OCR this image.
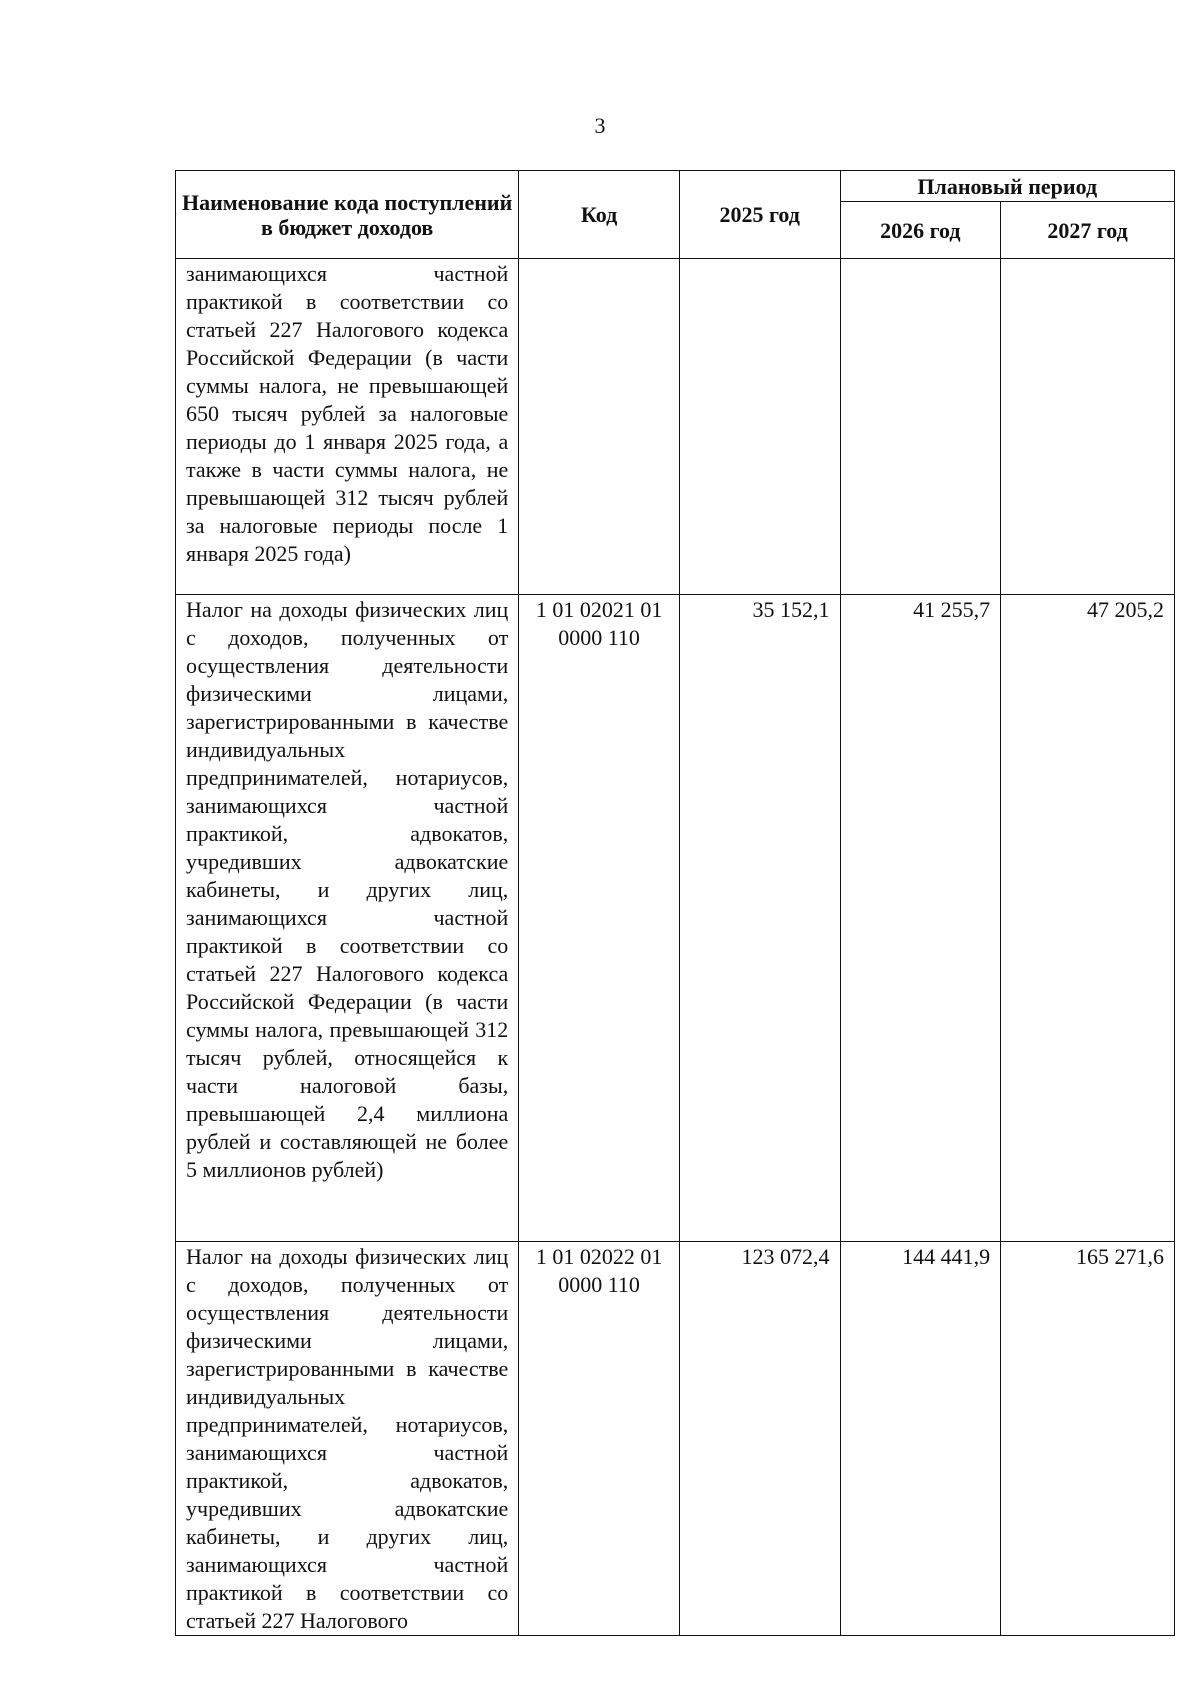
3
Наименование кода поступлений в бюджет доходов	Код	2025 год	Плановый период	
			2026 год	2027 год
занимающихся частной практикой в соответствии со статьей 227 Налогового кодекса Российской Федерации (в части суммы налога, не превышающей 650 тысяч рублей за налоговые периоды до 1 января 2025 года, а также в части суммы налога, не превышающей 312 тысяч рублей за налоговые периоды после 1 января 2025 года)				
Налог на доходы физических лиц с доходов, полученных от осуществления деятельности физическими лицами, зарегистрированными в качестве индивидуальных предпринимателей, нотариусов, занимающихся частной практикой, адвокатов, учредивших адвокатские кабинеты, и других лиц, занимающихся частной практикой в соответствии со статьей 227 Налогового кодекса Российской Федерации (в части суммы налога, превышающей 312 тысяч рублей, относящейся к части налоговой базы, превышающей 2,4 миллиона рублей и составляющей не более 5 миллионов рублей)	1 01 02021 01 0000 110	35 152,1	41 255,7	47 205,2
Налог на доходы физических лиц с доходов, полученных от осуществления деятельности физическими лицами, зарегистрированными в качестве индивидуальных предпринимателей, нотариусов, занимающихся частной практикой, адвокатов, учредивших адвокатские кабинеты, и других лиц, занимающихся частной практикой в соответствии со статьей 227 Налогового	1 01 02022 01 0000 110	123 072,4	144 441,9	165 271,6
